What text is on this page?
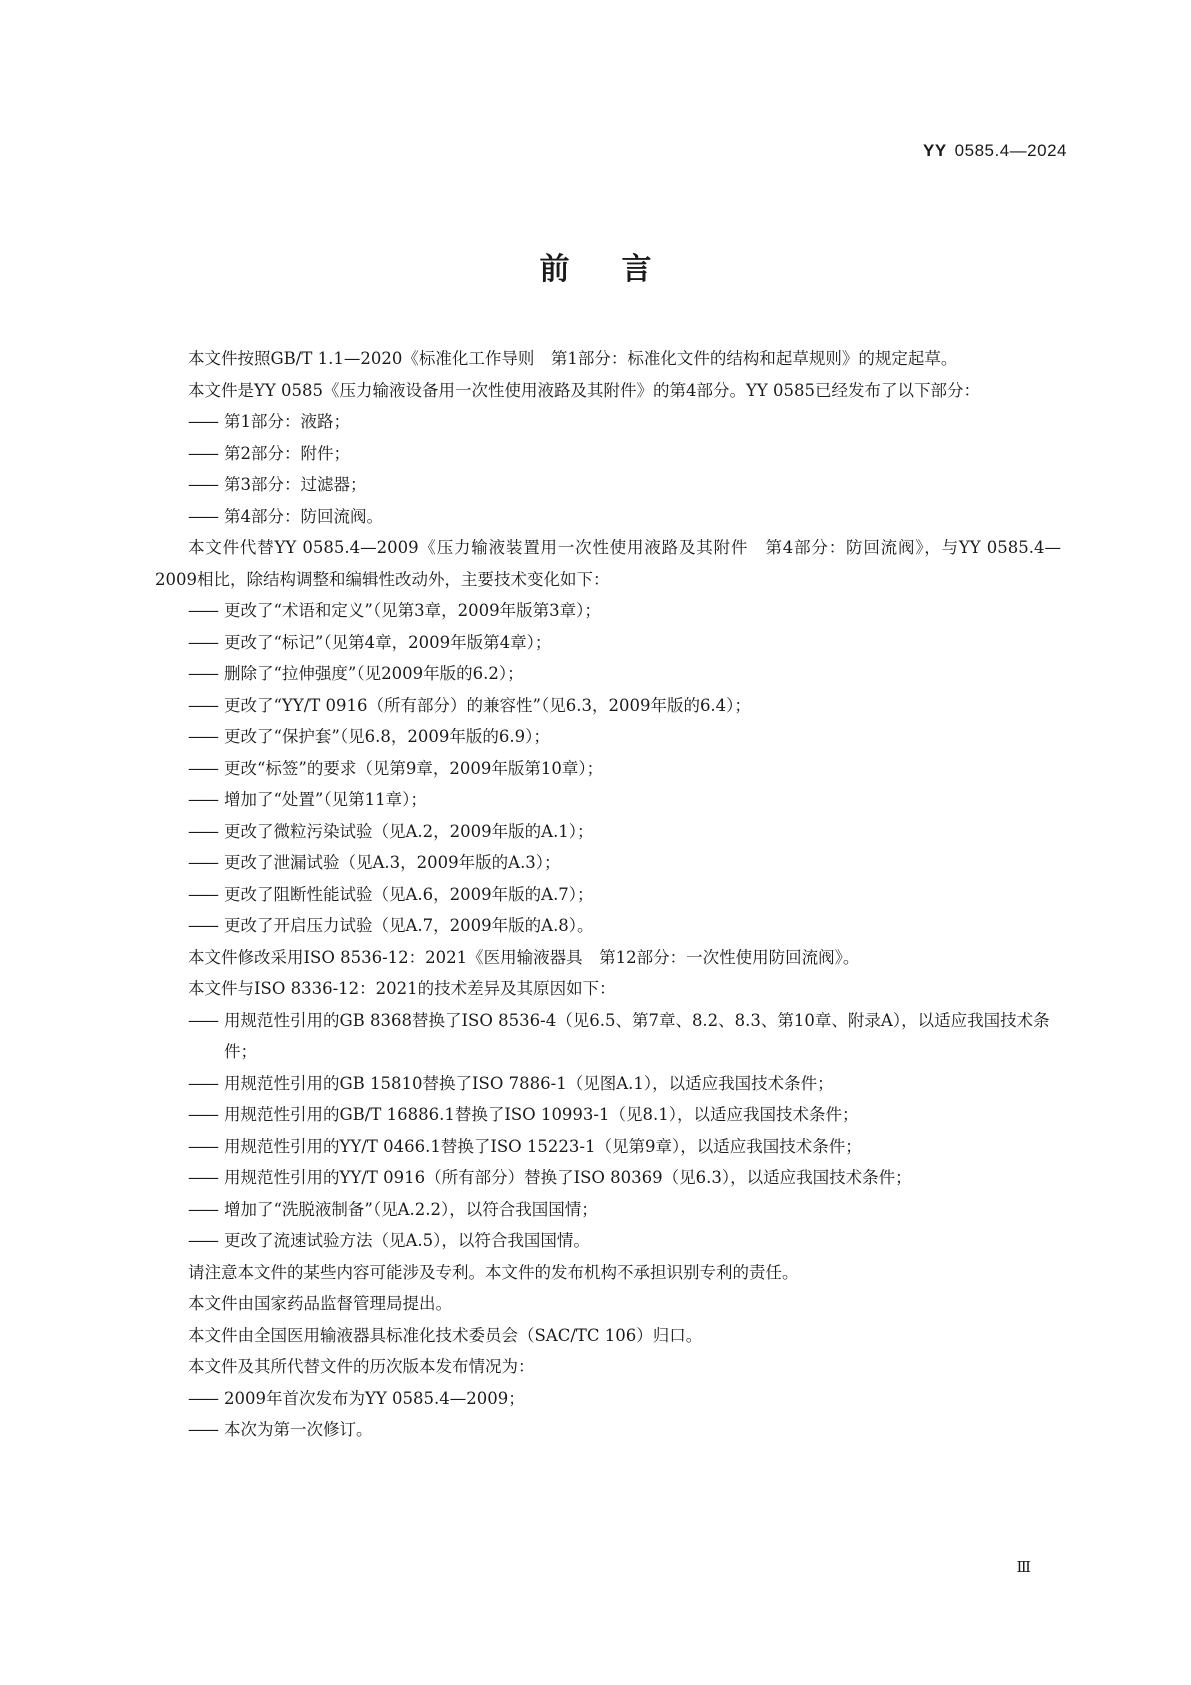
YY 0585.4—2024
前言
本文件按照GB/T 1.1—2020《标准化工作导则　第1部分：标准化文件的结构和起草规则》的规定起草。
本文件是YY 0585《压力输液设备用一次性使用液路及其附件》的第4部分。YY 0585已经发布了以下部分：
—— 第1部分：液路；
—— 第2部分：附件；
—— 第3部分：过滤器；
—— 第4部分：防回流阀。
本文件代替YY 0585.4—2009《压力输液装置用一次性使用液路及其附件　第4部分：防回流阀》，与YY 0585.4—2009相比，除结构调整和编辑性改动外，主要技术变化如下：
—— 更改了“术语和定义”（见第3章，2009年版第3章）；
—— 更改了“标记”（见第4章，2009年版第4章）；
—— 删除了“拉伸强度”（见2009年版的6.2）；
—— 更改了“YY/T 0916（所有部分）的兼容性”（见6.3，2009年版的6.4）；
—— 更改了“保护套”（见6.8，2009年版的6.9）；
—— 更改“标签”的要求（见第9章，2009年版第10章）；
—— 增加了“处置”（见第11章）；
—— 更改了微粒污染试验（见A.2，2009年版的A.1）；
—— 更改了泄漏试验（见A.3，2009年版的A.3）；
—— 更改了阻断性能试验（见A.6，2009年版的A.7）；
—— 更改了开启压力试验（见A.7，2009年版的A.8）。
本文件修改采用ISO 8536-12：2021《医用输液器具　第12部分：一次性使用防回流阀》。
本文件与ISO 8336-12：2021的技术差异及其原因如下：
—— 用规范性引用的GB 8368替换了ISO 8536-4（见6.5、第7章、8.2、8.3、第10章、附录A），以适应我国技术条件；
—— 用规范性引用的GB 15810替换了ISO 7886-1（见图A.1），以适应我国技术条件；
—— 用规范性引用的GB/T 16886.1替换了ISO 10993-1（见8.1），以适应我国技术条件；
—— 用规范性引用的YY/T 0466.1替换了ISO 15223-1（见第9章），以适应我国技术条件；
—— 用规范性引用的YY/T 0916（所有部分）替换了ISO 80369（见6.3），以适应我国技术条件；
—— 增加了“洗脱液制备”（见A.2.2），以符合我国国情；
—— 更改了流速试验方法（见A.5），以符合我国国情。
请注意本文件的某些内容可能涉及专利。本文件的发布机构不承担识别专利的责任。
本文件由国家药品监督管理局提出。
本文件由全国医用输液器具标准化技术委员会（SAC/TC 106）归口。
本文件及其所代替文件的历次版本发布情况为：
—— 2009年首次发布为YY 0585.4—2009；
—— 本次为第一次修订。
Ⅲ
